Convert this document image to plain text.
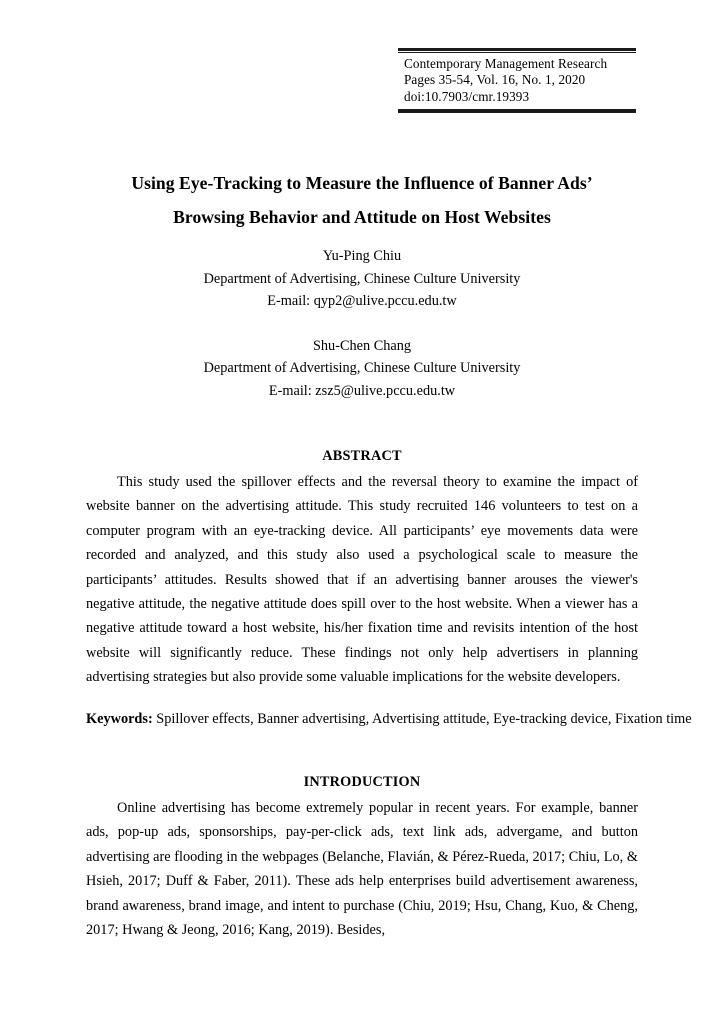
Contemporary Management Research
Pages 35-54, Vol. 16, No. 1, 2020
doi:10.7903/cmr.19393
Using Eye-Tracking to Measure the Influence of Banner Ads’
Browsing Behavior and Attitude on Host Websites
Yu-Ping Chiu
Department of Advertising, Chinese Culture University
E-mail: qyp2@ulive.pccu.edu.tw
Shu-Chen Chang
Department of Advertising, Chinese Culture University
E-mail: zsz5@ulive.pccu.edu.tw
ABSTRACT

This study used the spillover effects and the reversal theory to examine the impact of website banner on the advertising attitude. This study recruited 146 volunteers to test on a computer program with an eye-tracking device. All participants’ eye movements data were recorded and analyzed, and this study also used a psychological scale to measure the participants’ attitudes. Results showed that if an advertising banner arouses the viewer's negative attitude, the negative attitude does spill over to the host website. When a viewer has a negative attitude toward a host website, his/her fixation time and revisits intention of the host website will significantly reduce. These findings not only help advertisers in planning advertising strategies but also provide some valuable implications for the website developers.

Keywords: Spillover effects, Banner advertising, Advertising attitude, Eye-tracking device, Fixation time
INTRODUCTION

Online advertising has become extremely popular in recent years. For example, banner ads, pop-up ads, sponsorships, pay-per-click ads, text link ads, advergame, and button advertising are flooding in the webpages (Belanche, Flavián, & Pérez-Rueda, 2017; Chiu, Lo, & Hsieh, 2017; Duff & Faber, 2011). These ads help enterprises build advertisement awareness, brand awareness, brand image, and intent to purchase (Chiu, 2019; Hsu, Chang, Kuo, & Cheng, 2017; Hwang & Jeong, 2016; Kang, 2019). Besides,
